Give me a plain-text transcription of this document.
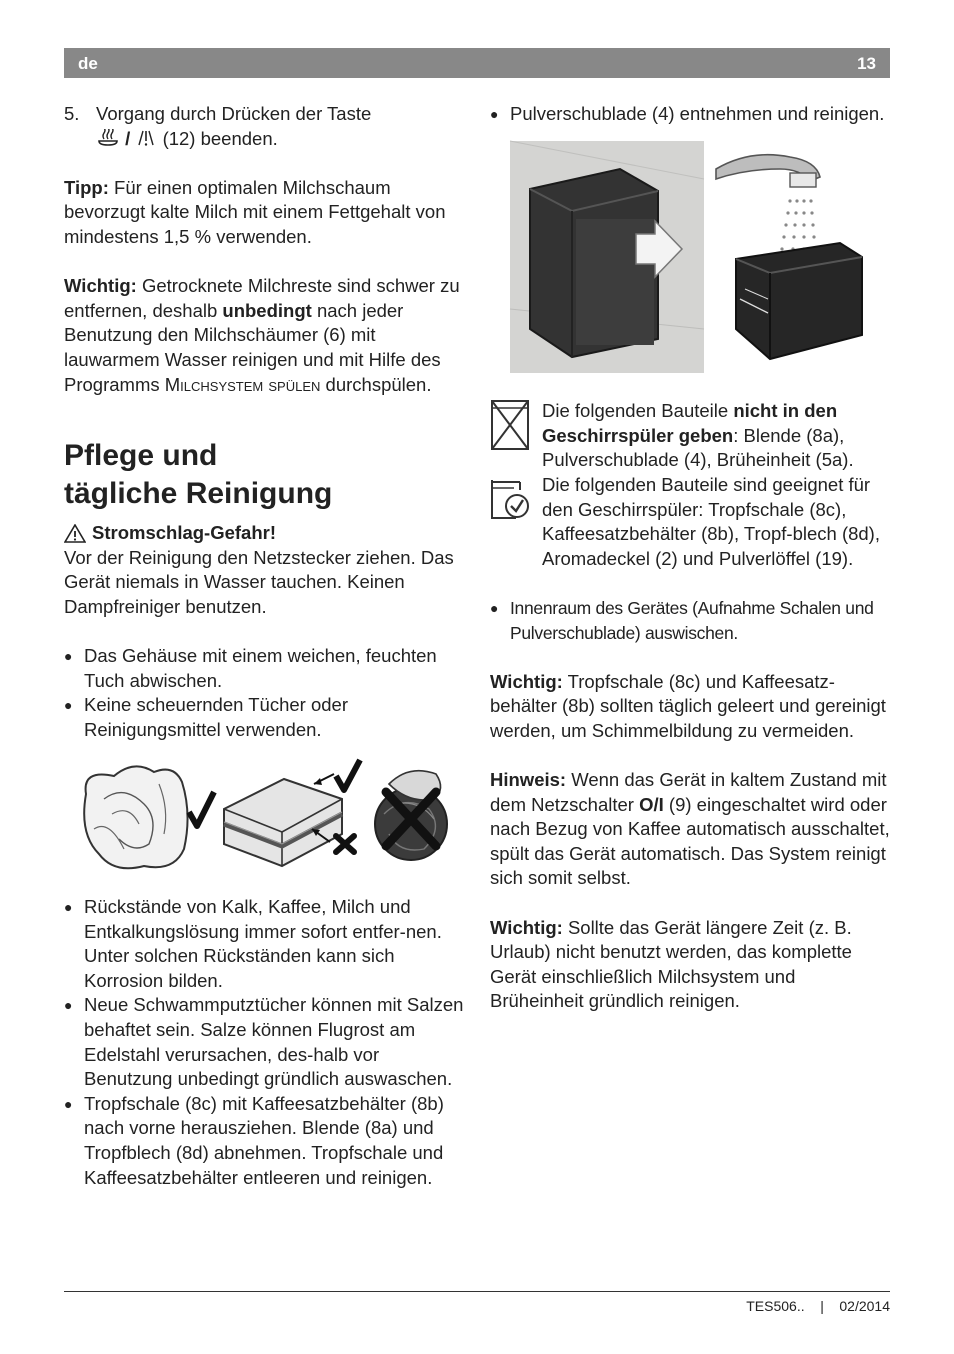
de	13
5. Vorgang durch Drücken der Taste

/ (12) beenden.

Tipp: Für einen optimalen Milchschaum bevorzugt kalte Milch mit einem Fettgehalt von mindestens 1,5 % verwenden.

Wichtig: Getrocknete Milchreste sind schwer zu entfernen, deshalb unbedingt nach jeder Benutzung den Milchschäumer (6) mit lauwarmem Wasser reinigen und mit Hilfe des Programms Milchsystem spülen durchspülen.

Pflege und
tägliche Reinigung

Stromschlag-Gefahr!

Vor der Reinigung den Netzstecker ziehen. Das Gerät niemals in Wasser tauchen. Keinen Dampfreiniger benutzen.

● Das Gehäuse mit einem weichen, feuchten Tuch abwischen.

● Keine scheuernden Tücher oder Reinigungsmittel verwenden.

● Rückstände von Kalk, Kaffee, Milch und Entkalkungslösung immer sofort entfer-nen. Unter solchen Rückständen kann sich Korrosion bilden.

● Neue Schwammputztücher können mit Salzen behaftet sein. Salze können Flugrost am Edelstahl verursachen, des-halb vor Benutzung unbedingt gründlich auswaschen.

● Tropfschale (8c) mit Kaffeesatzbehälter (8b) nach vorne herausziehen. Blende (8a) und Tropfblech (8d) abnehmen. Tropfschale und Kaffeesatzbehälter entleeren und reinigen.

● Pulverschublade (4) entnehmen und reinigen.

Die folgenden Bauteile nicht in den Geschirrspüler geben: Blende (8a), Pulverschublade (4), Brüheinheit (5a).

Die folgenden Bauteile sind geeignet für den Geschirrspüler: Tropfschale (8c), Kaffeesatzbehälter (8b), Tropf-blech (8d), Aromadeckel (2) und Pulverlöffel (19).

● Innenraum des Gerätes (Aufnahme Schalen und Pulverschublade) auswischen.

Wichtig: Tropfschale (8c) und Kaffeesatz-behälter (8b) sollten täglich geleert und gereinigt werden, um Schimmelbildung zu vermeiden.

Hinweis: Wenn das Gerät in kaltem Zustand mit dem Netzschalter O/I (9) eingeschaltet wird oder nach Bezug von Kaffee automatisch ausschaltet, spült das Gerät automatisch. Das System reinigt sich somit selbst.

Wichtig: Sollte das Gerät längere Zeit (z. B. Urlaub) nicht benutzt werden, das komplette Gerät einschließlich Milchsystem und Brüheinheit gründlich reinigen.

TES506.. | 02/2014
